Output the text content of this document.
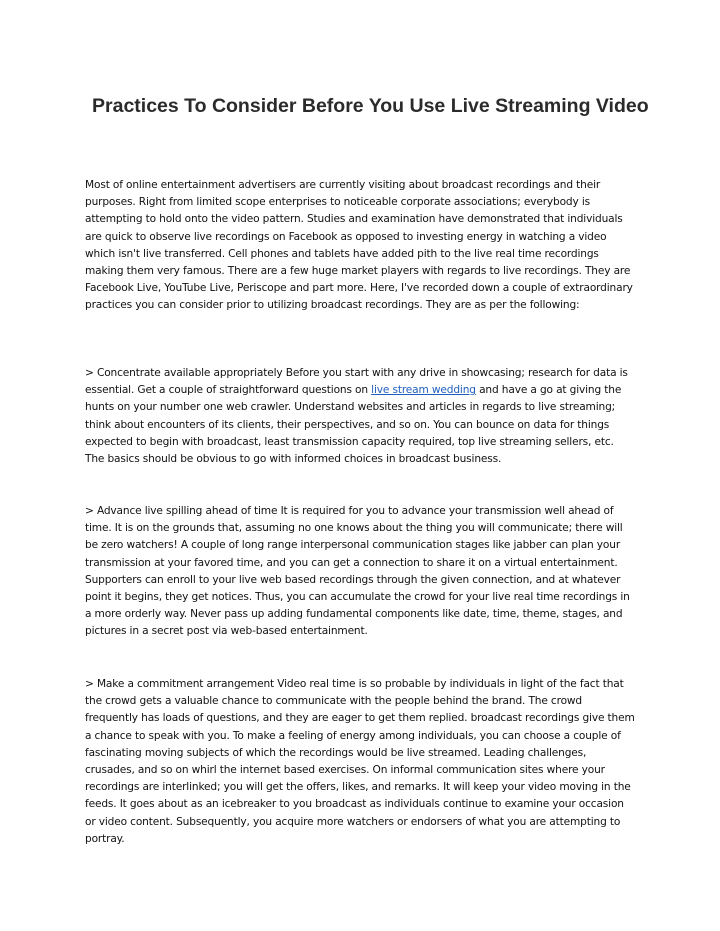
Practices To Consider Before You Use Live Streaming Video

Most of online entertainment advertisers are currently visiting about broadcast recordings and their purposes. Right from limited scope enterprises to noticeable corporate associations; everybody is attempting to hold onto the video pattern. Studies and examination have demonstrated that individuals are quick to observe live recordings on Facebook as opposed to investing energy in watching a video which isn't live transferred. Cell phones and tablets have added pith to the live real time recordings making them very famous. There are a few huge market players with regards to live recordings. They are Facebook Live, YouTube Live, Periscope and part more. Here, I've recorded down a couple of extraordinary practices you can consider prior to utilizing broadcast recordings. They are as per the following:

> Concentrate available appropriately Before you start with any drive in showcasing; research for data is essential. Get a couple of straightforward questions on live stream wedding and have a go at giving the hunts on your number one web crawler. Understand websites and articles in regards to live streaming; think about encounters of its clients, their perspectives, and so on. You can bounce on data for things expected to begin with broadcast, least transmission capacity required, top live streaming sellers, etc. The basics should be obvious to go with informed choices in broadcast business.

> Advance live spilling ahead of time It is required for you to advance your transmission well ahead of time. It is on the grounds that, assuming no one knows about the thing you will communicate; there will be zero watchers! A couple of long range interpersonal communication stages like jabber can plan your transmission at your favored time, and you can get a connection to share it on a virtual entertainment. Supporters can enroll to your live web based recordings through the given connection, and at whatever point it begins, they get notices. Thus, you can accumulate the crowd for your live real time recordings in a more orderly way. Never pass up adding fundamental components like date, time, theme, stages, and pictures in a secret post via web-based entertainment.

> Make a commitment arrangement Video real time is so probable by individuals in light of the fact that the crowd gets a valuable chance to communicate with the people behind the brand. The crowd frequently has loads of questions, and they are eager to get them replied. broadcast recordings give them a chance to speak with you. To make a feeling of energy among individuals, you can choose a couple of fascinating moving subjects of which the recordings would be live streamed. Leading challenges, crusades, and so on whirl the internet based exercises. On informal communication sites where your recordings are interlinked; you will get the offers, likes, and remarks. It will keep your video moving in the feeds. It goes about as an icebreaker to you broadcast as individuals continue to examine your occasion or video content. Subsequently, you acquire more watchers or endorsers of what you are attempting to portray.
